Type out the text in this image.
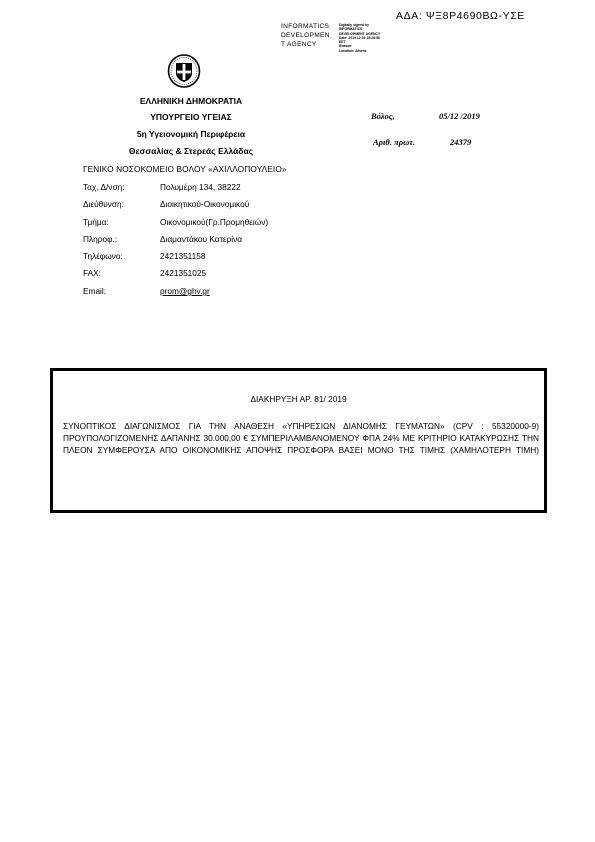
ΑΔΑ: ΨΞ8Ρ4690ΒΩ-ΥΣΕ
INFORMATICS
DEVELOPMEN
T AGENCY
Digitally signed by
INFORMATICS
DEVELOPMENT AGENCY
Date: 2019.12.05 15:28:56
EET
Reason:
Location: Athens
ΕΛΛΗΝΙΚΗ ΔΗΜΟΚΡΑΤΙΑ
ΥΠΟΥΡΓΕΙΟ ΥΓΕΙΑΣ
5η Υγειονομική Περιφέρεια
Θεσσαλίας & Στερεάς Ελλάδας
Βόλος,	05/12 /2019
Αριθ. πρωτ.	24379
ΓΕΝΙΚΟ ΝΟΣΟΚΟΜΕΙΟ ΒΟΛΟΥ «ΑΧΙΛΛΟΠΟΥΛΕΙΟ»
Ταχ. Δ/νση:	Πολυμέρη 134, 38222
Διεύθυνση:	Διοικητικού-Οικονομικού
Τμήμα:	Οικονομικού(Γρ.Προμηθειών)
Πληροφ.:	Διαμαντάκου Κατερίνα
Τηλέφωνο:	2421351158
FAX:	2421351025
Email:	prom@ghv.gr
ΔΙΑΚΗΡΥΞΗ ΑΡ. 81/ 2019
ΣΥΝΟΠΤΙΚΟΣ ΔΙΑΓΩΝΙΣΜΟΣ ΓΙΑ ΤΗΝ ΑΝΑΘΕΣΗ «ΥΠΗΡΕΣΙΩΝ ΔΙΑΝΟΜΗΣ ΓΕΥΜΑΤΩΝ» (CPV : 55320000-9) ΠΡΟΥΠΟΛΟΓΙΖΟΜΕΝΗΣ ΔΑΠΑΝΗΣ 30.000,00 € ΣΥΜΠΕΡΙΛΑΜΒΑΝΟΜΕΝΟΥ ΦΠΑ 24% ΜΕ ΚΡΙΤΗΡΙΟ ΚΑΤΑΚΥΡΩΣΗΣ ΤΗΝ ΠΛΕΟΝ ΣΥΜΦΕΡΟΥΣΑ ΑΠΟ ΟΙΚΟΝΟΜΙΚΗΣ ΑΠΟΨΗΣ ΠΡΟΣΦΟΡΑ ΒΑΣΕΙ ΜΟΝΟ ΤΗΣ ΤΙΜΗΣ (ΧΑΜΗΛΟΤΕΡΗ ΤΙΜΗ)
